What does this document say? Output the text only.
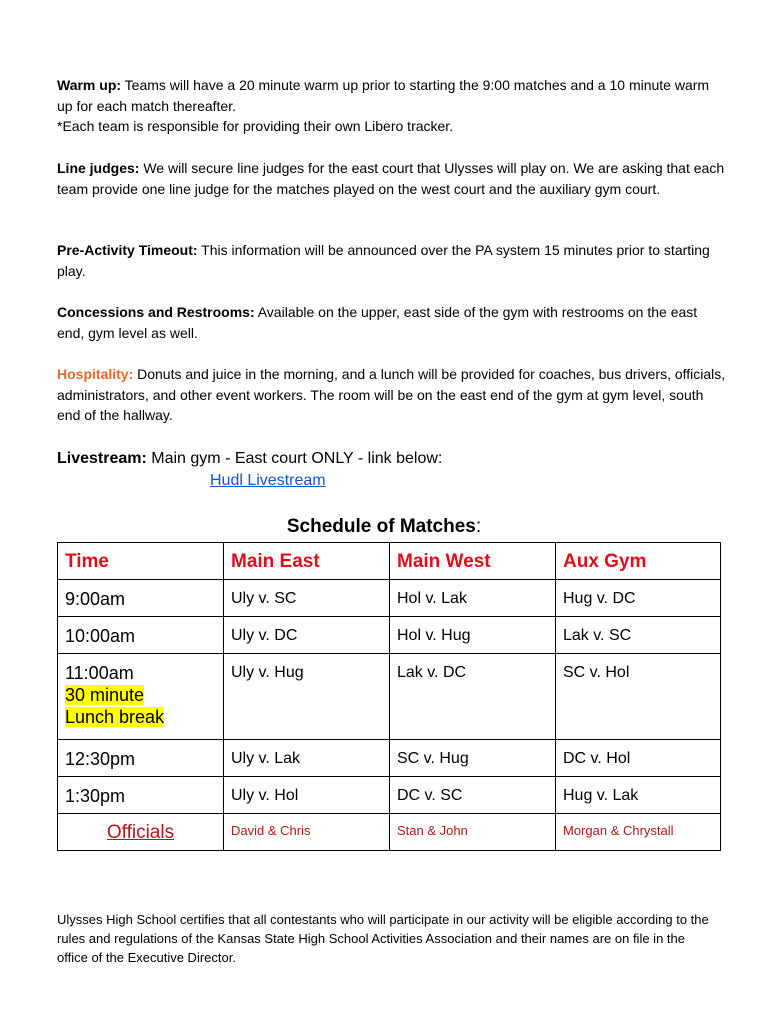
Warm up: Teams will have a 20 minute warm up prior to starting the 9:00 matches and a 10 minute warm up for each match thereafter.
*Each team is responsible for providing their own Libero tracker.
Line judges: We will secure line judges for the east court that Ulysses will play on. We are asking that each team provide one line judge for the matches played on the west court and the auxiliary gym court.
Pre-Activity Timeout: This information will be announced over the PA system 15 minutes prior to starting play.
Concessions and Restrooms: Available on the upper, east side of the gym with restrooms on the east end, gym level as well.
Hospitality: Donuts and juice in the morning, and a lunch will be provided for coaches, bus drivers, officials, administrators, and other event workers. The room will be on the east end of the gym at gym level, south end of the hallway.
Livestream: Main gym - East court ONLY - link below:
Hudl Livestream
Schedule of Matches:
Time	Main East	Main West	Aux Gym
9:00am	Uly v. SC	Hol v. Lak	Hug v. DC
10:00am	Uly v. DC	Hol v. Hug	Lak v. SC
11:00am
30 minute
Lunch break	Uly v. Hug	Lak v. DC	SC v. Hol
12:30pm	Uly v. Lak	SC v. Hug	DC v. Hol
1:30pm	Uly v. Hol	DC v. SC	Hug v. Lak

Officials	David & Chris	Stan & John	Morgan & Chrystall
Ulysses High School certifies that all contestants who will participate in our activity will be eligible according to the rules and regulations of the Kansas State High School Activities Association and their names are on file in the office of the Executive Director.
